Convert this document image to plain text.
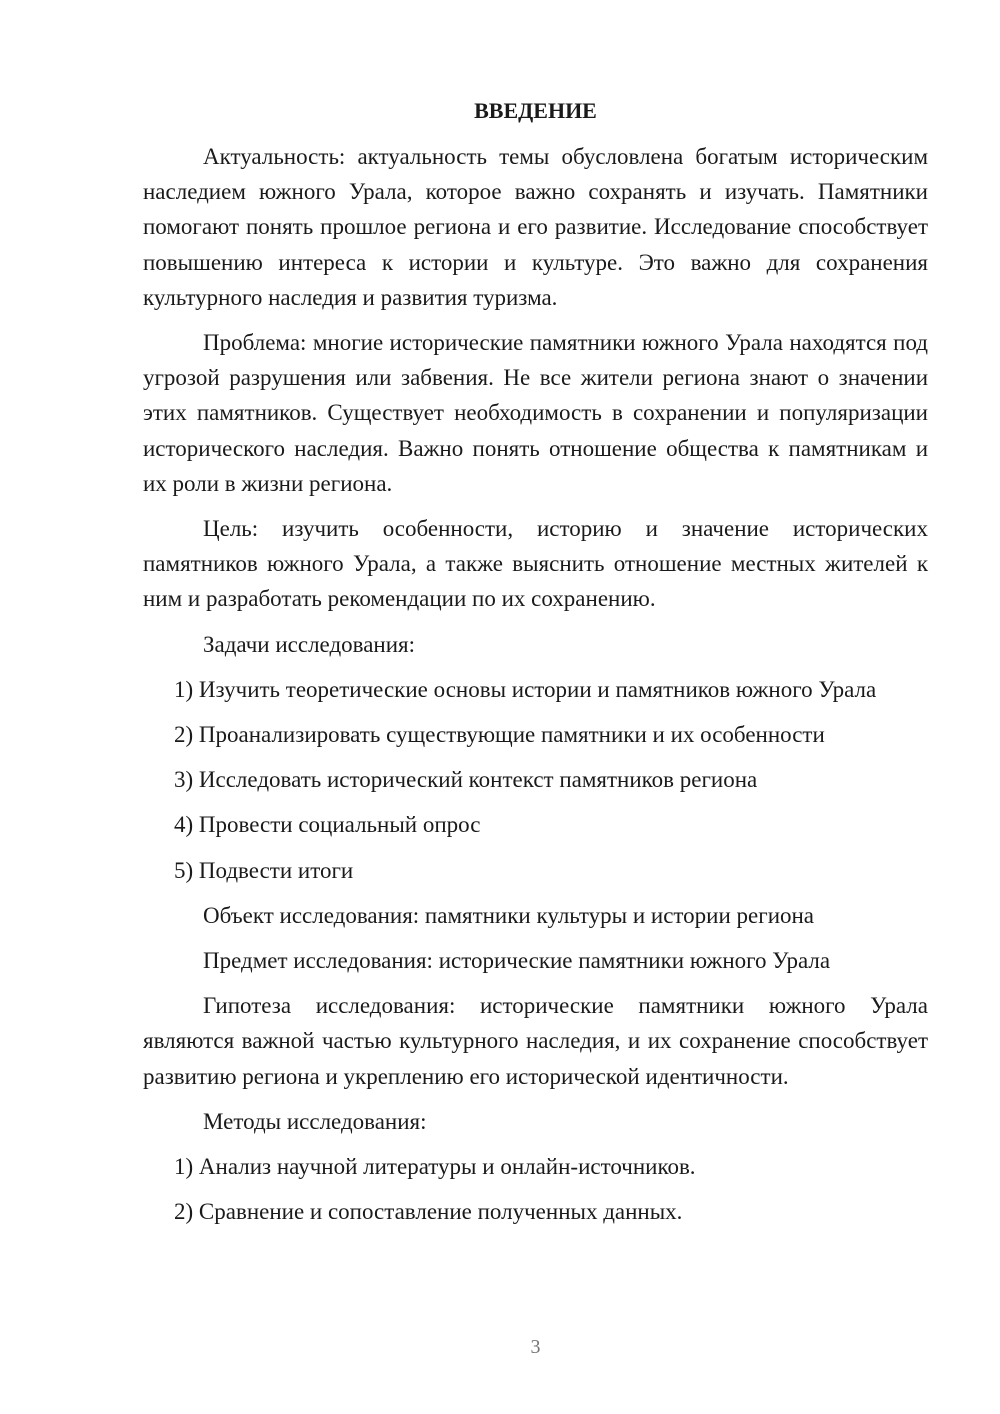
ВВЕДЕНИЕ
Актуальность: актуальность темы обусловлена богатым историческим наследием южного Урала, которое важно сохранять и изучать. Памятники помогают понять прошлое региона и его развитие. Исследование способствует повышению интереса к истории и культуре. Это важно для сохранения культурного наследия и развития туризма.
Проблема: многие исторические памятники южного Урала находятся под угрозой разрушения или забвения. Не все жители региона знают о значении этих памятников. Существует необходимость в сохранении и популяризации исторического наследия. Важно понять отношение общества к памятникам и их роли в жизни региона.
Цель: изучить особенности, историю и значение исторических памятников южного Урала, а также выяснить отношение местных жителей к ним и разработать рекомендации по их сохранению.
Задачи исследования:
1) Изучить теоретические основы истории и памятников южного Урала
2) Проанализировать существующие памятники и их особенности
3) Исследовать исторический контекст памятников региона
4) Провести социальный опрос
5) Подвести итоги
Объект исследования: памятники культуры и истории региона
Предмет исследования: исторические памятники южного Урала
Гипотеза исследования: исторические памятники южного Урала являются важной частью культурного наследия, и их сохранение способствует развитию региона и укреплению его исторической идентичности.
Методы исследования:
1) Анализ научной литературы и онлайн-источников.
2) Сравнение и сопоставление полученных данных.
3
